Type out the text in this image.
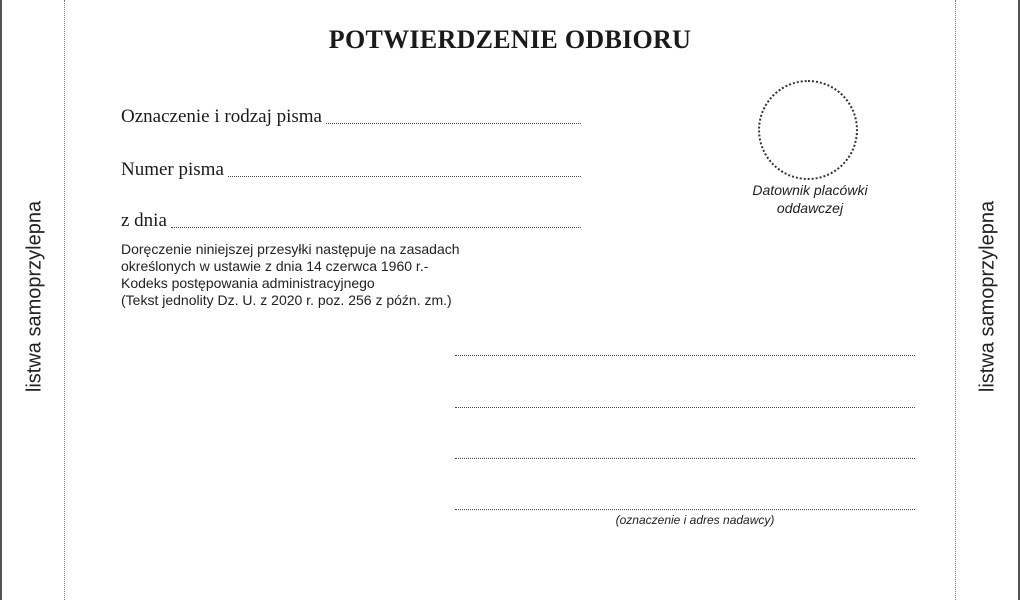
listwa samoprzylepna	listwa samoprzylepna
POTWIERDZENIE ODBIORU
Oznaczenie i rodzaj pisma
Numer pisma
z dnia
Doręczenie niniejszej przesyłki następuje na zasadach
określonych w ustawie z dnia 14 czerwca 1960 r.-
Kodeks postępowania administracyjnego
(Tekst jednolity Dz. U. z 2020 r. poz. 256 z późn. zm.)
Datownik placówki
oddawczej
(oznaczenie i adres nadawcy)
